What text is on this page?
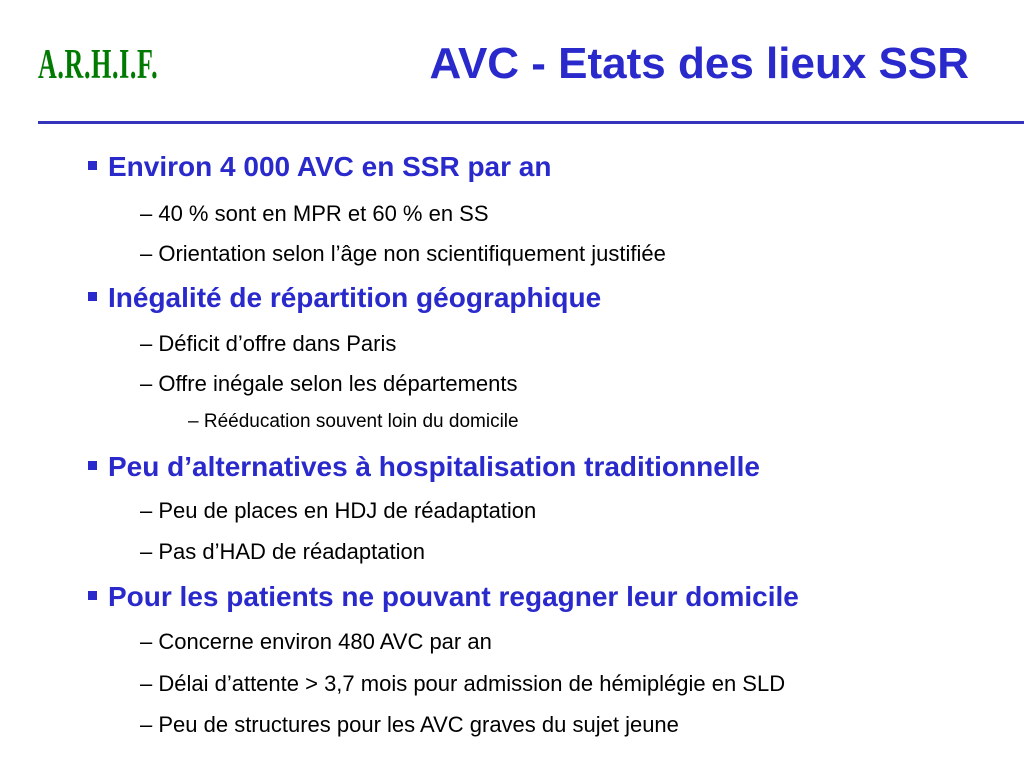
A.R.H.I.F.	AVC - Etats des lieux SSR
Environ 4 000 AVC en SSR par an
– 40 % sont en MPR et 60 % en SS
– Orientation selon l’âge non scientifiquement justifiée
Inégalité de répartition géographique
– Déficit d’offre dans Paris
– Offre inégale selon les départements
– Rééducation souvent loin du domicile
Peu d’alternatives à hospitalisation traditionnelle
– Peu de places en HDJ de réadaptation
– Pas d’HAD de réadaptation
Pour les patients ne pouvant regagner leur domicile
– Concerne environ 480 AVC par an
– Délai d’attente > 3,7 mois pour admission de hémiplégie en SLD
– Peu de structures pour les AVC graves du sujet jeune
